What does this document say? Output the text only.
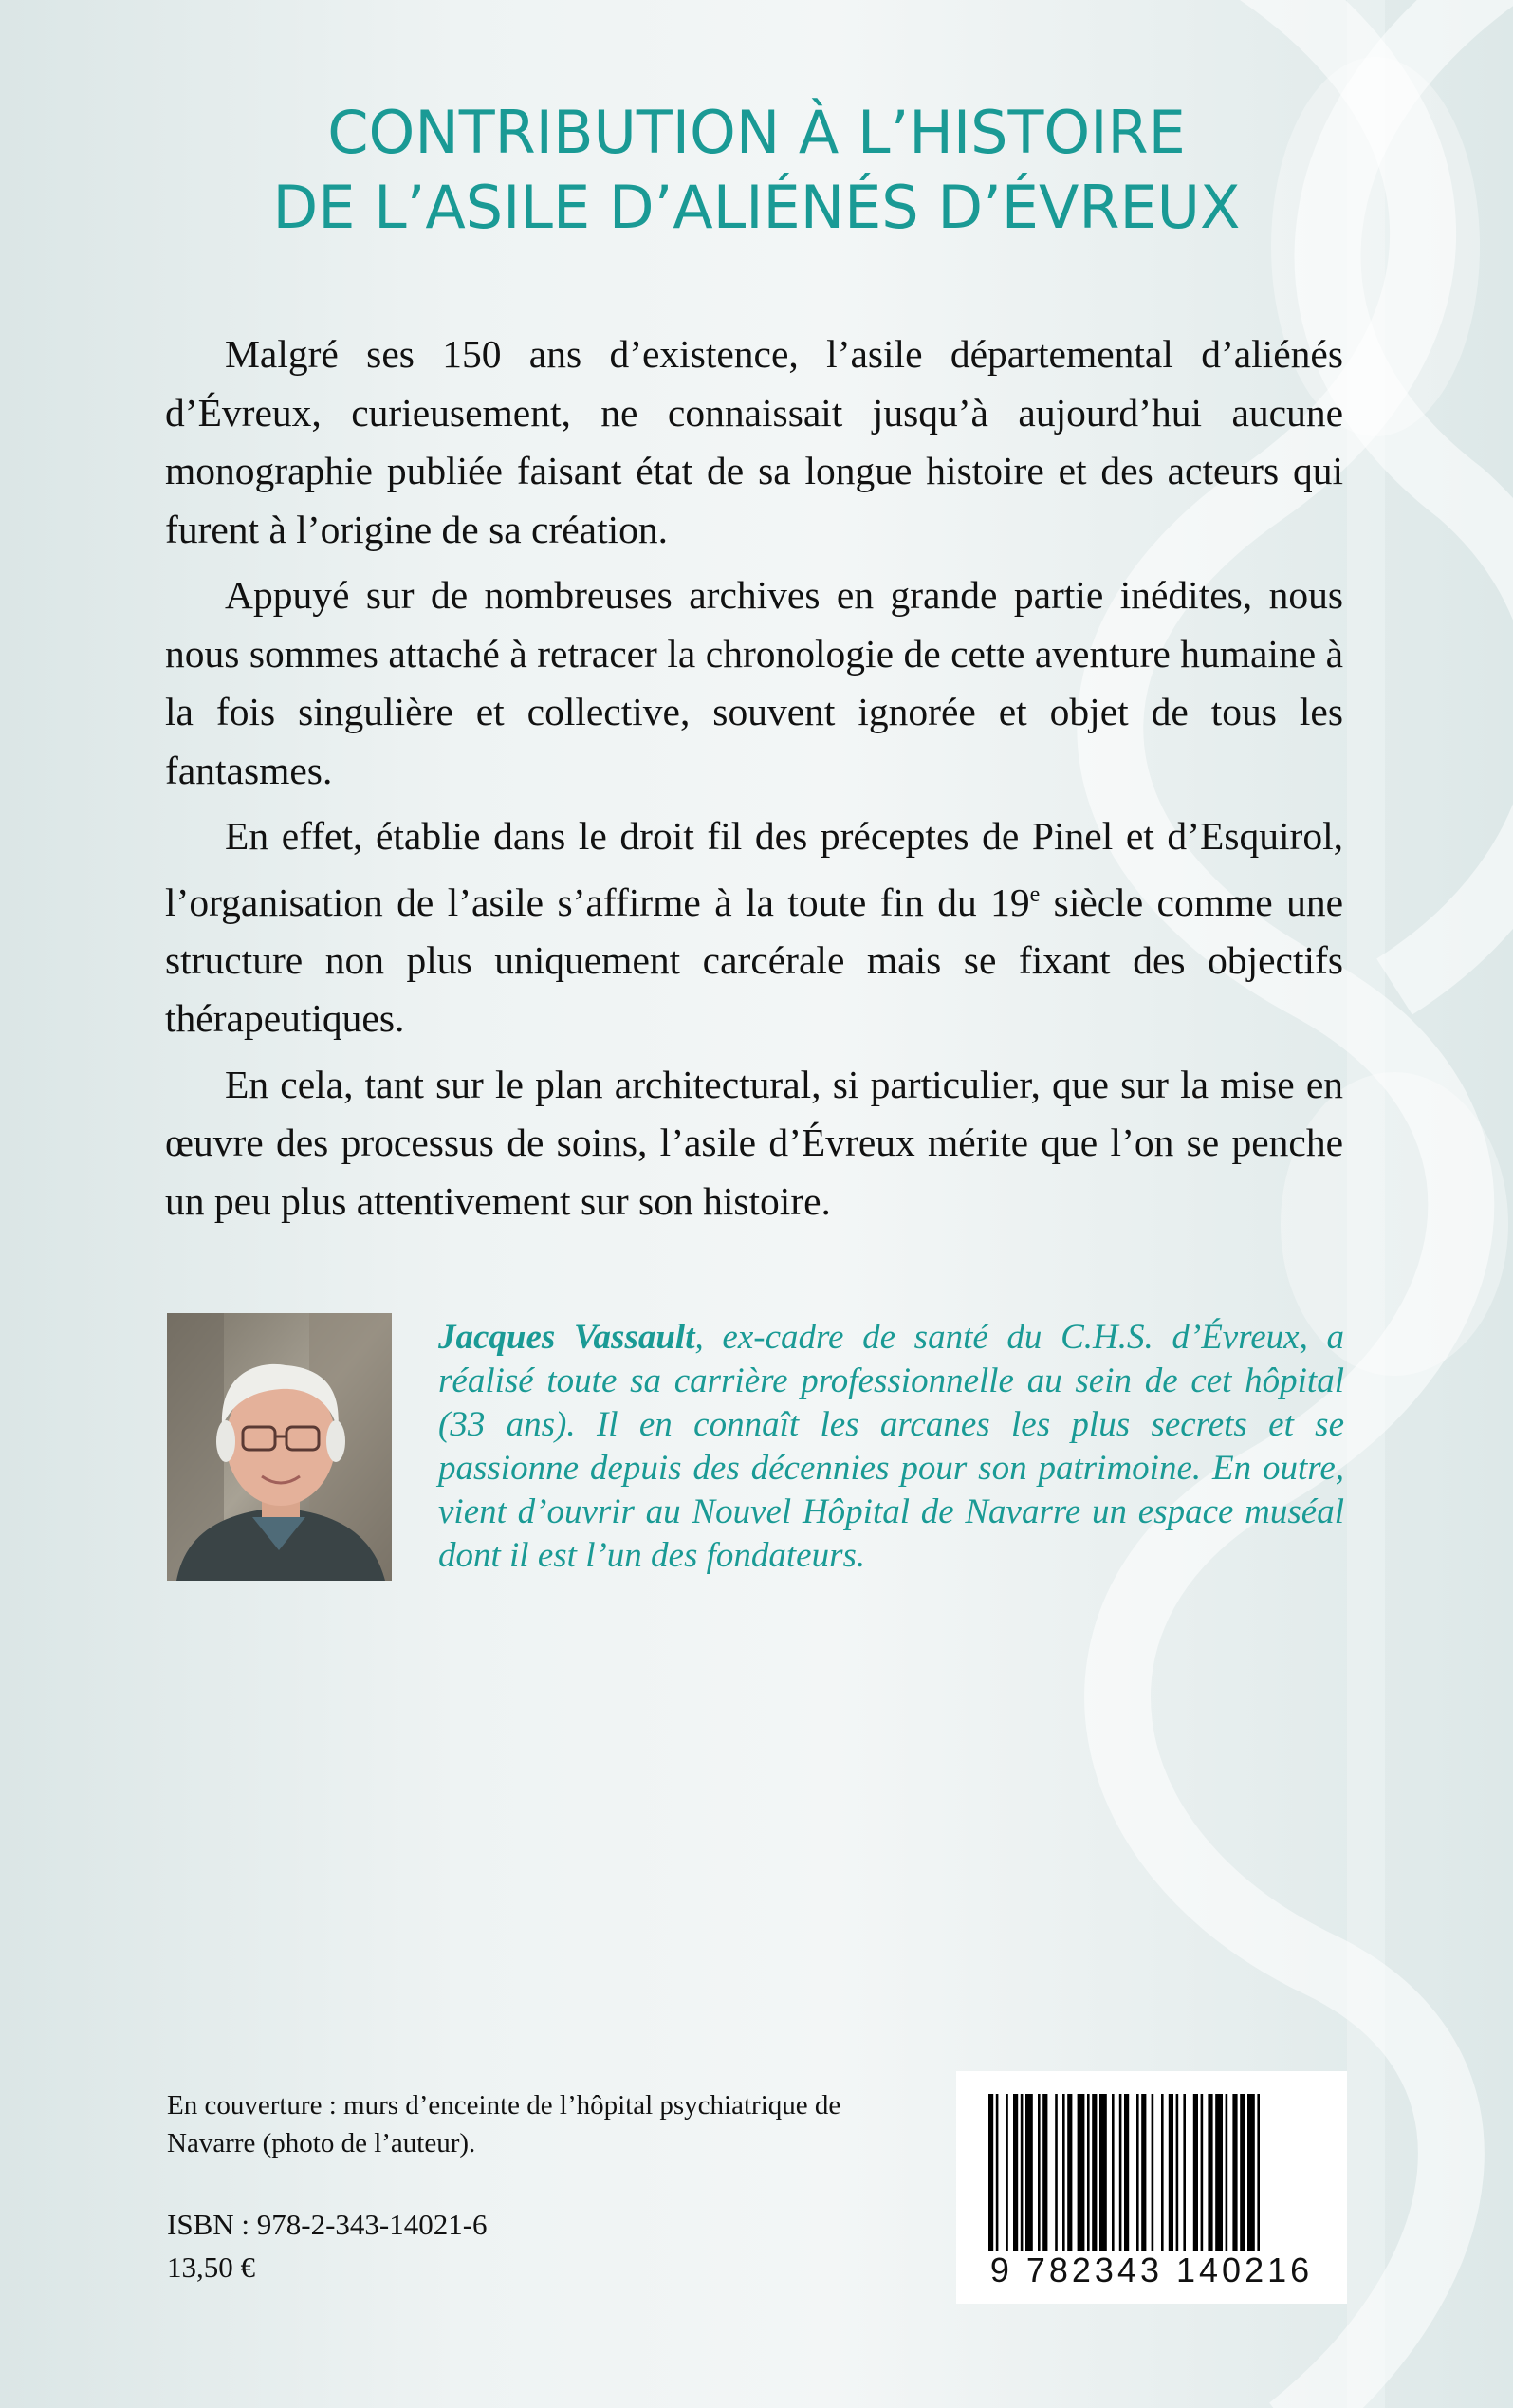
CONTRIBUTION À L’HISTOIRE
DE L’ASILE D’ALIÉNÉS D’ÉVREUX

Malgré ses 150 ans d’existence, l’asile départemental d’aliénés d’Évreux, curieusement, ne connaissait jusqu’à aujourd’hui aucune monographie publiée faisant état de sa longue histoire et des acteurs qui furent à l’origine de sa création.

Appuyé sur de nombreuses archives en grande partie inédites, nous nous sommes attaché à retracer la chronologie de cette aventure humaine à la fois singulière et collective, souvent ignorée et objet de tous les fantasmes.

En effet, établie dans le droit fil des préceptes de Pinel et d’Esquirol, l’organisation de l’asile s’affirme à la toute fin du 19e siècle comme une structure non plus uniquement carcérale mais se fixant des objectifs thérapeutiques.

En cela, tant sur le plan architectural, si particulier, que sur la mise en œuvre des processus de soins, l’asile d’Évreux mérite que l’on se penche un peu plus attentivement sur son histoire.

Jacques Vassault, ex-cadre de santé du C.H.S. d’Évreux, a réalisé toute sa carrière professionnelle au sein de cet hôpital (33 ans). Il en connaît les arcanes les plus secrets et se passionne depuis des décennies pour son patrimoine. En outre, vient d’ouvrir au Nouvel Hôpital de Navarre un espace muséal dont il est l’un des fondateurs.
En couverture : murs d’enceinte de l’hôpital psychiatrique de Navarre (photo de l’auteur).
ISBN : 978-2-343-14021-6
13,50 €	9 782343 140216
